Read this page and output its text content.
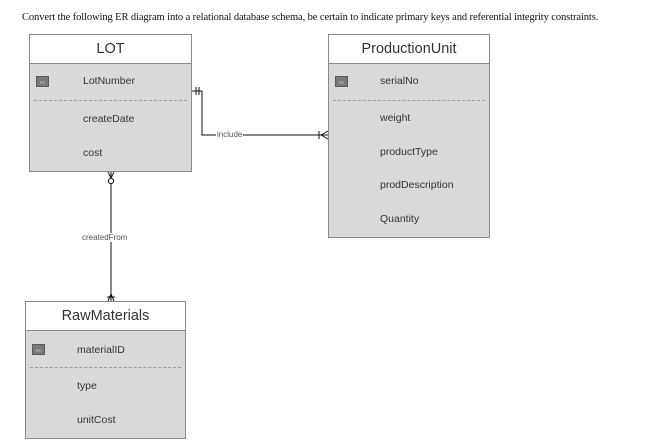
Convert the following ER diagram into a relational database schema, be certain to indicate primary keys and referential integrity constraints.
LOT
PK	LotNumber
createDate
cost
ProductionUnit
PK	serialNo
weight
productType
prodDescription
Quantity
RawMaterials
PK	materialID
type
unitCost
include
createdFrom
